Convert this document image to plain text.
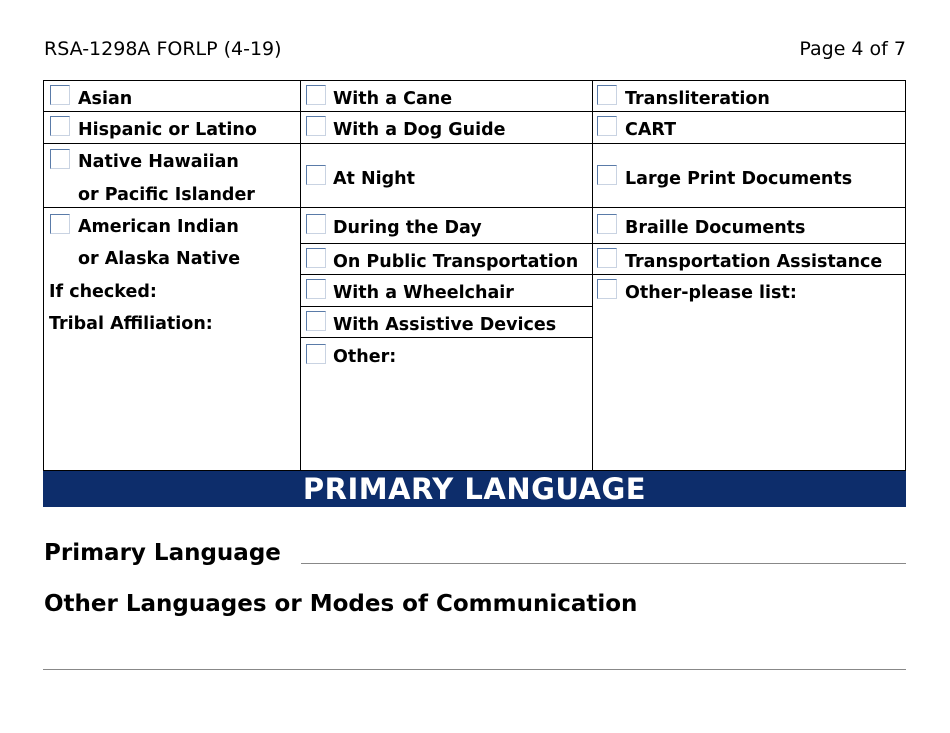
RSA-1298A FORLP (4-19)	Page 4 of 7
Asian
Hispanic or Latino
Native Hawaiian
or Pacific Islander
American Indian
or Alaska Native
If checked:
Tribal Affiliation:
With a Cane
With a Dog Guide
At Night
During the Day
On Public Transportation
With a Wheelchair
With Assistive Devices
Other:
Transliteration
CART
Large Print Documents
Braille Documents
Transportation Assistance
Other-please list:
PRIMARY LANGUAGE
Primary Language
Other Languages or Modes of Communication
